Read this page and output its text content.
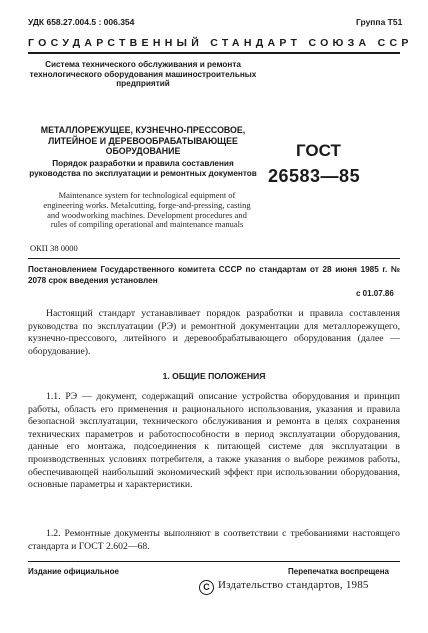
УДК 658.27.004.5 : 006.354	Группа Т51
ГОСУДАРСТВЕННЫЙ СТАНДАРТ СОЮЗА ССР
Система технического обслуживания и ремонта технологического оборудования машиностроительных предприятий
МЕТАЛЛОРЕЖУЩЕЕ, КУЗНЕЧНО-ПРЕССОВОЕ, ЛИТЕЙНОЕ И ДЕРЕВООБРАБАТЫВАЮЩЕЕ ОБОРУДОВАНИЕ
Порядок разработки и правила составления руководства по эксплуатации и ремонтных документов
ГОСТ
26583—85
Maintenance system for technological equipment of engineering works. Metalcutting, forge-and-pressing, casting and woodworking machines. Development procedures and rules of compiling operational and maintenance manuals
ОКП 38 0000
Постановлением Государственного комитета СССР по стандартам от 28 июня 1985 г. № 2078 срок введения установлен
с 01.07.86
Настоящий стандарт устанавливает порядок разработки и правила составления руководства по эксплуатации (РЭ) и ремонтной документации для металлорежущего, кузнечно-прессового, литейного и деревообрабатывающего оборудования (далее — оборудование).
1. ОБЩИЕ ПОЛОЖЕНИЯ
1.1. РЭ — документ, содержащий описание устройства оборудования и принцип работы, область его применения и рационального использования, указания и правила безопасной эксплуатации, технического обслуживания и ремонта в целях сохранения технических параметров и работоспособности в период эксплуатации оборудования, данные его монтажа, подсоединения к питающей системе для эксплуатации в производственных условиях потребителя, а также указания о выборе режимов работы, обеспечивающей наибольший экономический эффект при использовании оборудования, основные параметры и характеристики.
1.2. Ремонтные документы выполняют в соответствии с требованиями настоящего стандарта и ГОСТ 2.602—68.
Издание официальное	Перепечатка воспрещена
C Издательство стандартов, 1985
